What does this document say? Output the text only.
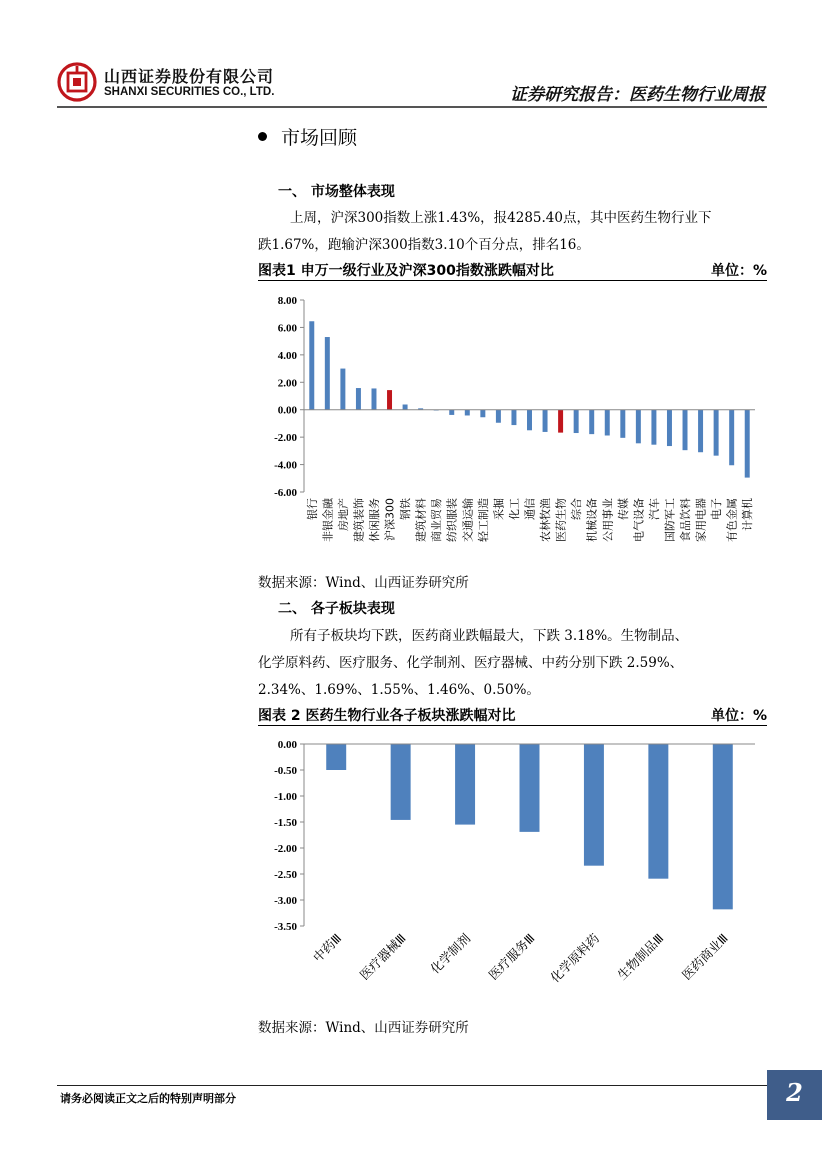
山西证券股份有限公司
SHANXI SECURITIES CO., LTD.	证券研究报告：医药生物行业周报
市场回顾
一、 市场整体表现
上周，沪深300指数上涨1.43%，报4285.40点，其中医药生物行业下
跌1.67%，跑输沪深300指数3.10个百分点，排名16。
图表1 申万一级行业及沪深300指数涨跌幅对比	单位：%
8.00
6.00
4.00
2.00
0.00
-2.00
-4.00
-6.00
银行 非银金融 房地产 建筑装饰 休闲服务 沪深300 钢铁 建筑材料 商业贸易 纺织服装 交通运输 轻工制造 采掘 化工 通信 农林牧渔 医药生物 综合 机械设备 公用事业 传媒 电气设备 汽车 国防军工 食品饮料 家用电器 电子 有色金属 计算机
数据来源：Wind、山西证券研究所
二、 各子板块表现
所有子板块均下跌，医药商业跌幅最大，下跌 3.18%。生物制品、
化学原料药、医疗服务、化学制剂、医疗器械、中药分别下跌 2.59%、
2.34%、1.69%、1.55%、1.46%、0.50%。
图表 2 医药生物行业各子板块涨跌幅对比	单位：%
0.00
-0.50
-1.00
-1.50
-2.00
-2.50
-3.00
-3.50
中药Ⅲ 医疗器械Ⅲ 化学制剂 医疗服务Ⅲ 化学原料药 生物制品Ⅲ 医药商业Ⅲ
数据来源：Wind、山西证券研究所
请务必阅读正文之后的特别声明部分	2
